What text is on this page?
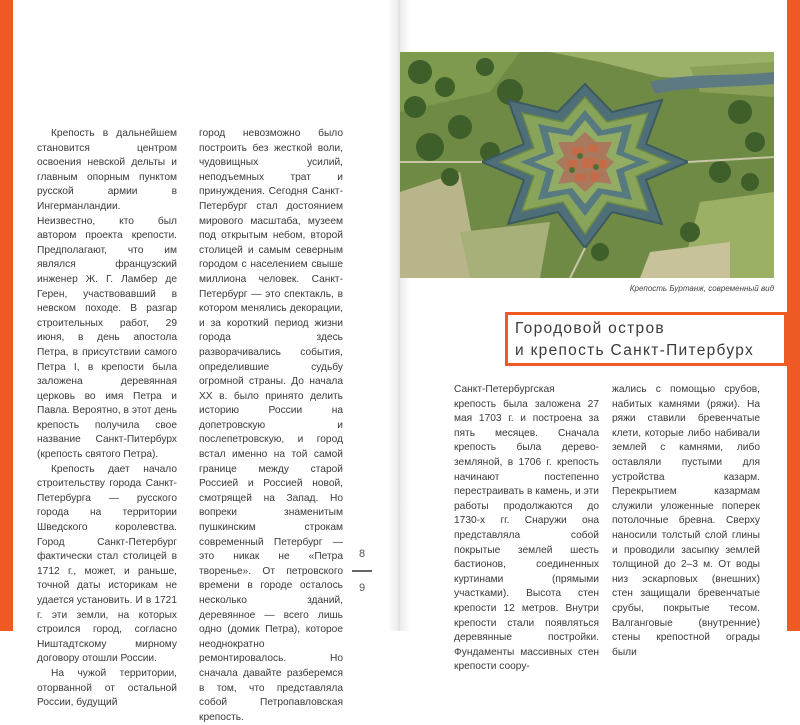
Крепость в дальнейшем становится центром освоения невской дельты и главным опорным пунктом русской армии в Ингерманландии. Неизвестно, кто был автором проекта крепости. Предполагают, что им являлся французский инженер Ж. Г. Ламбер де Герен, участвовавший в невском походе. В разгар строительных работ, 29 июня, в день апостола Петра, в присутствии самого Петра I, в крепости была заложена деревянная церковь во имя Петра и Павла. Вероятно, в этот день крепость получила свое название Санкт-Питербурх (крепость святого Петра).

Крепость дает начало строительству города Санкт-Петербурга — русского города на территории Шведского королевства. Город Санкт-Петербург фактически стал столицей в 1712 г., может, и раньше, точной даты историкам не удается установить. И в 1721 г. эти земли, на которых строился город, согласно Ништадтскому мирному договору отошли России.

На чужой территории, оторванной от остальной России, будущий

город невозможно было построить без жесткой воли, чудовищных усилий, неподъемных трат и принуждения. Сегодня Санкт-Петербург стал достоянием мирового масштаба, музеем под открытым небом, второй столицей и самым северным городом с населением свыше миллиона человек. Санкт-Петербург — это спектакль, в котором менялись декорации, и за короткий период жизни города здесь разворачивались события, определившие судьбу огромной страны. До начала XX в. было принято делить историю России на допетровскую и послепетровскую, и город встал именно на той самой границе между старой Россией и Россией новой, смотрящей на Запад. Но вопреки знаменитым пушкинским строкам современный Петербург — это никак не «Петра творенье». От петровского времени в городе осталось несколько зданий, деревянное — всего лишь одно (домик Петра), которое неоднократно ремонтировалось. Но сначала давайте разберемся в том, что представляла собой Петропавловская крепость.

8
9
Крепость Буртанж, современный вид
Городовой остров
и крепость Санкт-Питербурх

Санкт-Петербургская крепость была заложена 27 мая 1703 г. и построена за пять месяцев. Сначала крепость была дерево-земляной, в 1706 г. крепость начинают постепенно перестраивать в камень, и эти работы продолжаются до 1730-х гг. Снаружи она представляла собой покрытые землей шесть бастионов, соединенных куртинами (прямыми участками). Высота стен крепости 12 метров. Внутри крепости стали появляться деревянные постройки. Фундаменты массивных стен крепости соору-

жались с помощью срубов, набитых камнями (ряжи). На ряжи ставили бревенчатые клети, которые либо набивали землей с камнями, либо оставляли пустыми для устройства казарм. Перекрытием казармам служили уложенные поперек потолочные бревна. Сверху наносили толстый слой глины и проводили засыпку землей толщиной до 2–3 м. От воды низ эскарповых (внешних) стен защищали бревенчатые срубы, покрытые тесом. Валганговые (внутренние) стены крепостной ограды были
